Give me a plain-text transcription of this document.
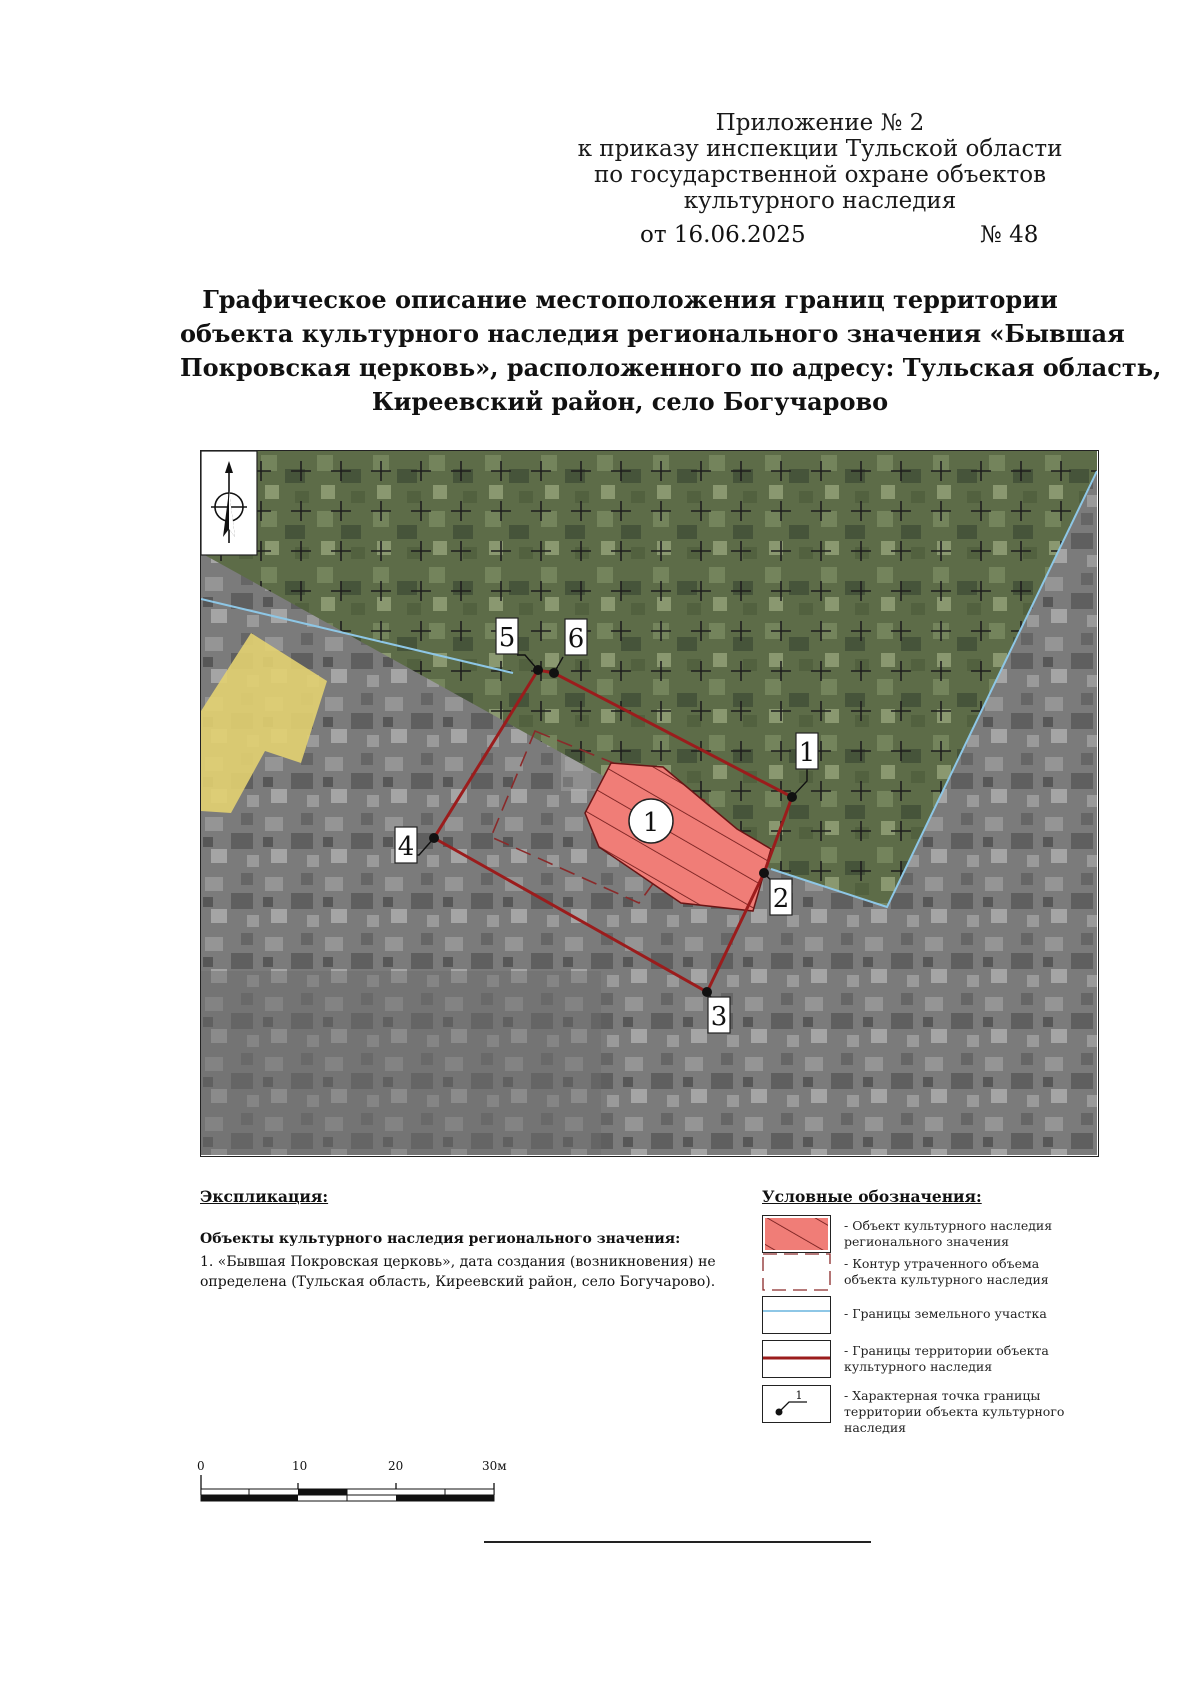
Приложение № 2
к приказу инспекции Тульской области
по государственной охране объектов
культурного наследия
от 16.06.2025	№ 48
Графическое описание местоположения границ территории
объекта культурного наследия регионального значения «Бывшая
Покровская церковь», расположенного по адресу: Тульская область,
Киреевский район, село Богучарово
1
1
2
3
4
5 6
Экспликация:
Объекты культурного наследия регионального значения:
1. «Бывшая Покровская церковь», дата создания (возникновения) не определена (Тульская область, Киреевский район, село Богучарово).
Условные обозначения:
- Объект культурного наследия регионального значения
- Контур утраченного объема объекта культурного наследия
- Границы земельного участка
- Границы территории объекта культурного наследия
1	- Характерная точка границы территории объекта культурного наследия
0	10	20	30м
